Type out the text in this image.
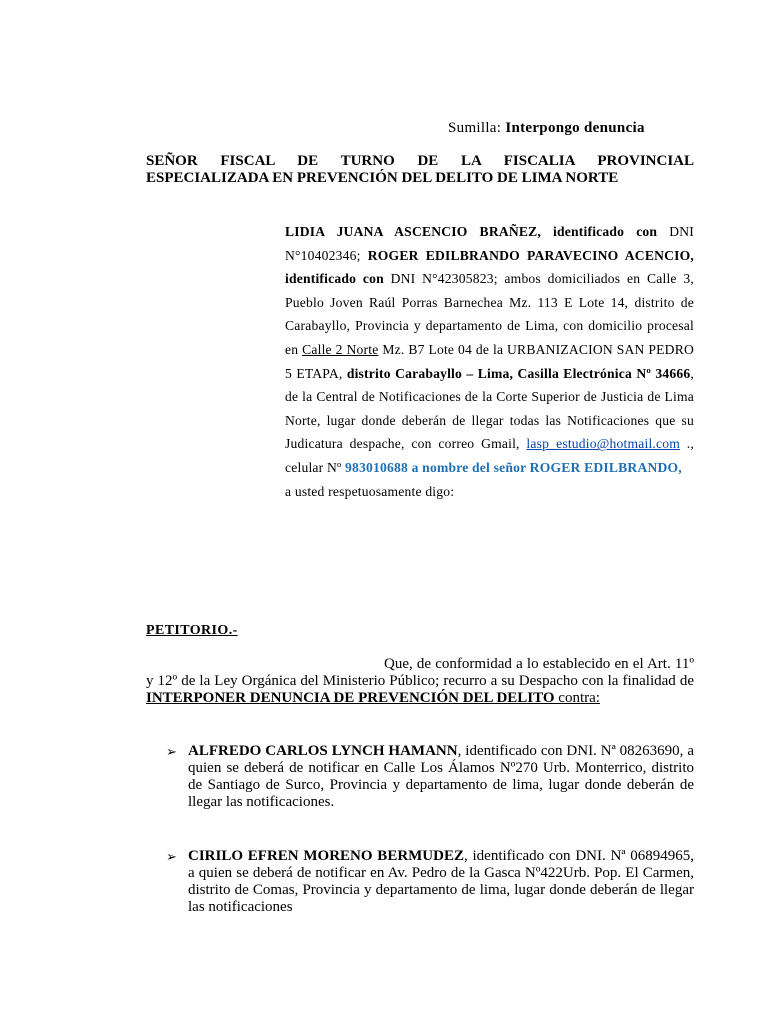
Sumilla: Interpongo denuncia
SEÑOR FISCAL DE TURNO DE LA FISCALIA PROVINCIAL
ESPECIALIZADA EN PREVENCIÓN DEL DELITO DE LIMA NORTE
LIDIA JUANA ASCENCIO BRAÑEZ, identificado con DNI N°10402346; ROGER EDILBRANDO PARAVECINO ACENCIO, identificado con DNI N°42305823; ambos domiciliados en Calle 3, Pueblo Joven Raúl Porras Barnechea Mz. 113 E Lote 14, distrito de Carabayllo, Provincia y departamento de Lima, con domicilio procesal en Calle 2 Norte Mz. B7 Lote 04 de la URBANIZACION SAN PEDRO 5 ETAPA, distrito Carabayllo – Lima, Casilla Electrónica Nº 34666, de la Central de Notificaciones de la Corte Superior de Justicia de Lima Norte, lugar donde deberán de llegar todas las Notificaciones que su Judicatura despache, con correo Gmail, lasp_estudio@hotmail.com ., celular Nº 983010688 a nombre del señor ROGER EDILBRANDO,
a usted respetuosamente digo:
PETITORIO.-
Que, de conformidad a lo establecido en el Art. 11º y 12º de la Ley Orgánica del Ministerio Público; recurro a su Despacho con la finalidad de INTERPONER DENUNCIA DE PREVENCIÓN DEL DELITO contra:
➢ ALFREDO CARLOS LYNCH HAMANN, identificado con DNI. Nª 08263690, a quien se deberá de notificar en Calle Los Álamos Nº270 Urb. Monterrico, distrito de Santiago de Surco, Provincia y departamento de lima, lugar donde deberán de llegar las notificaciones.
➢ CIRILO EFREN MORENO BERMUDEZ, identificado con DNI. Nª 06894965, a quien se deberá de notificar en Av. Pedro de la Gasca Nº422Urb. Pop. El Carmen, distrito de Comas, Provincia y departamento de lima, lugar donde deberán de llegar las notificaciones
